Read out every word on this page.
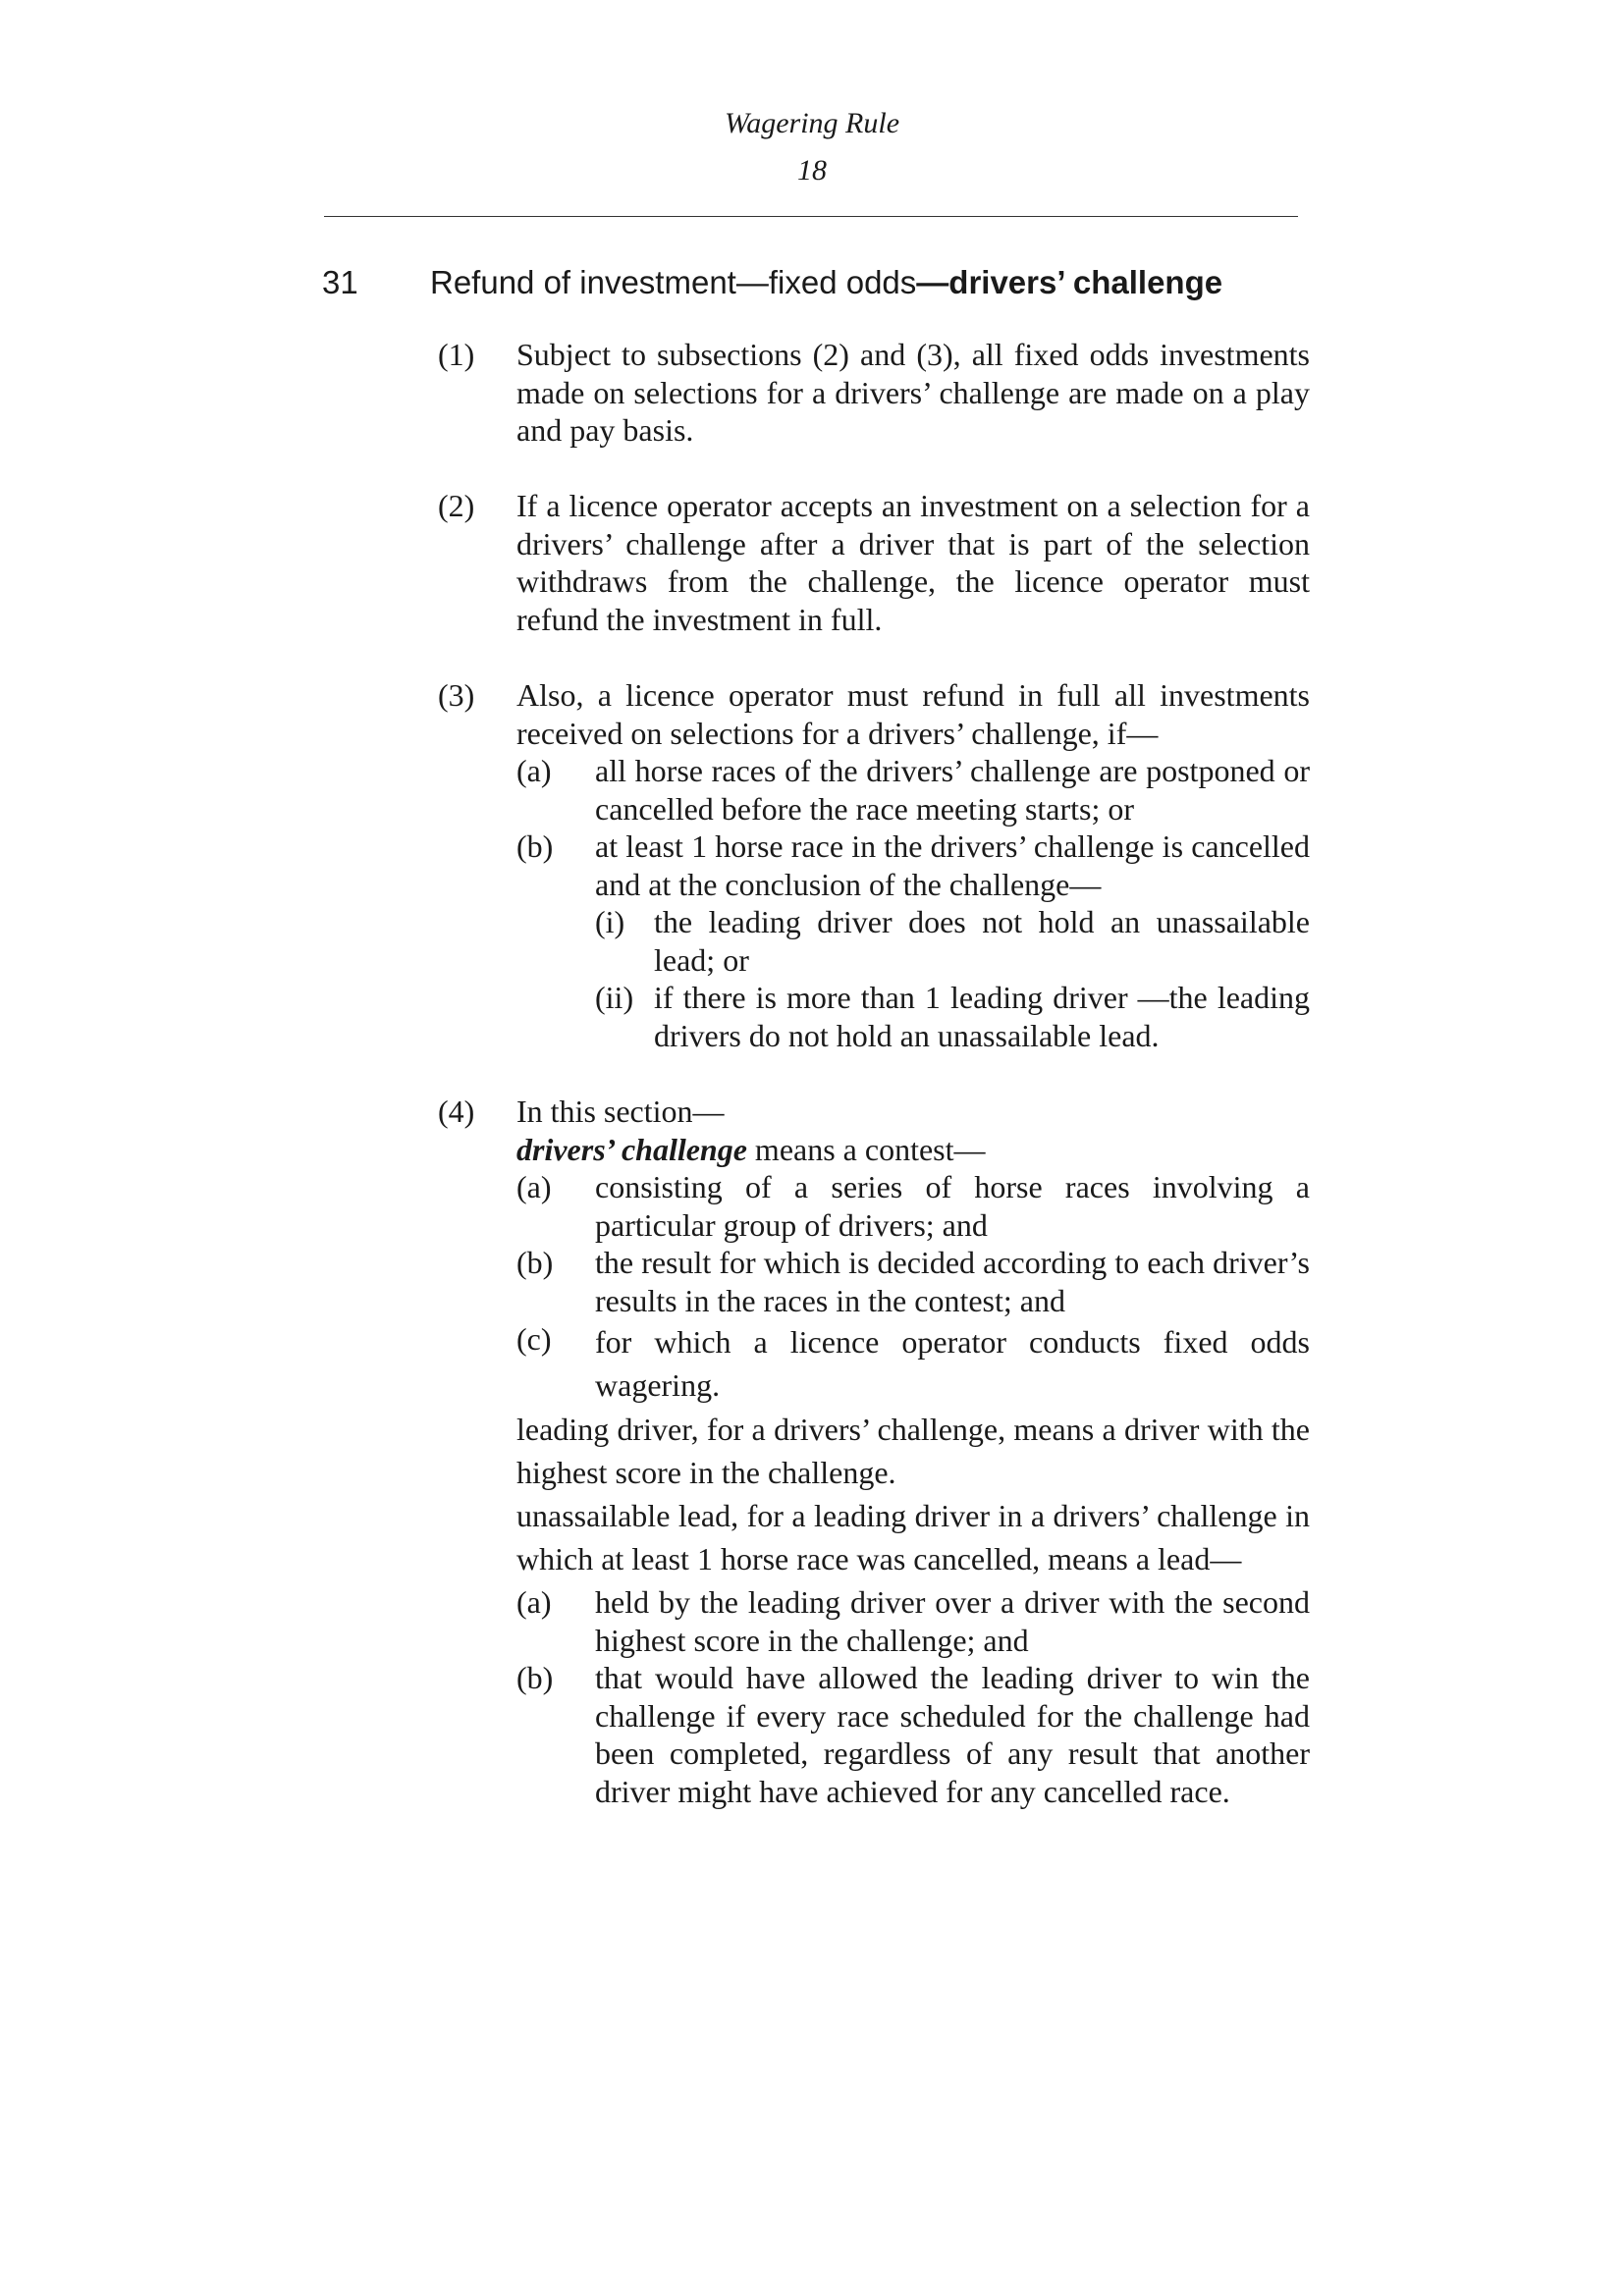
Wagering Rule
18
31 Refund of investment—fixed odds—drivers’ challenge
(1) Subject to subsections (2) and (3), all fixed odds investments made on selections for a drivers’ challenge are made on a play and pay basis.
(2) If a licence operator accepts an investment on a selection for a drivers’ challenge after a driver that is part of the selection withdraws from the challenge, the licence operator must refund the investment in full.
(3) Also, a licence operator must refund in full all investments received on selections for a drivers’ challenge, if—
(a) all horse races of the drivers’ challenge are postponed or cancelled before the race meeting starts; or
(b) at least 1 horse race in the drivers’ challenge is cancelled and at the conclusion of the challenge—
(i) the leading driver does not hold an unassailable lead; or
(ii) if there is more than 1 leading driver —the leading drivers do not hold an unassailable lead.
(4) In this section—
drivers’ challenge means a contest—
(a) consisting of a series of horse races involving a particular group of drivers; and
(b) the result for which is decided according to each driver’s results in the races in the contest; and
(c) for which a licence operator conducts fixed odds wagering.
leading driver, for a drivers’ challenge, means a driver with the highest score in the challenge.
unassailable lead, for a leading driver in a drivers’ challenge in which at least 1 horse race was cancelled, means a lead—
(a) held by the leading driver over a driver with the second highest score in the challenge; and
(b) that would have allowed the leading driver to win the challenge if every race scheduled for the challenge had been completed, regardless of any result that another driver might have achieved for any cancelled race.
